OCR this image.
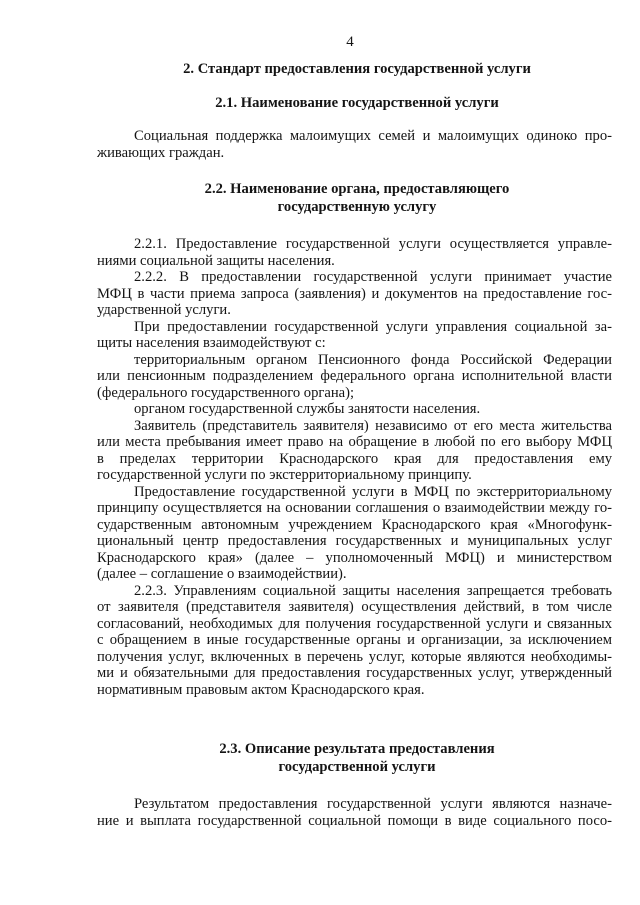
4
2. Стандарт предоставления государственной услуги
2.1. Наименование государственной услуги
Социальная поддержка малоимущих семей и малоимущих одиноко про-
живающих граждан.
2.2. Наименование органа, предоставляющего
государственную услугу
2.2.1. Предоставление государственной услуги осуществляется управле-
ниями социальной защиты населения.
2.2.2. В предоставлении государственной услуги принимает участие
МФЦ в части приема запроса (заявления) и документов на предоставление гос-
ударственной услуги.
При предоставлении государственной услуги управления социальной за-
щиты населения взаимодействуют с:
территориальным органом Пенсионного фонда Российской Федерации
или пенсионным подразделением федерального органа исполнительной власти
(федерального государственного органа);
органом государственной службы занятости населения.
Заявитель (представитель заявителя) независимо от его места жительства
или места пребывания имеет право на обращение в любой по его выбору МФЦ
в пределах территории Краснодарского края для предоставления ему
государственной услуги по экстерриториальному принципу.
Предоставление государственной услуги в МФЦ по экстерриториальному
принципу осуществляется на основании соглашения о взаимодействии между го-
сударственным автономным учреждением Краснодарского края «Многофунк-
циональный центр предоставления государственных и муниципальных услуг
Краснодарского края» (далее – уполномоченный МФЦ) и министерством
(далее – соглашение о взаимодействии).
2.2.3. Управлениям социальной защиты населения запрещается требовать
от заявителя (представителя заявителя) осуществления действий, в том числе
согласований, необходимых для получения государственной услуги и связанных
с обращением в иные государственные органы и организации, за исключением
получения услуг, включенных в перечень услуг, которые являются необходимы-
ми и обязательными для предоставления государственных услуг, утвержденный
нормативным правовым актом Краснодарского края.
2.3. Описание результата предоставления
государственной услуги
Результатом предоставления государственной услуги являются назначе-
ние и выплата государственной социальной помощи в виде социального посо-
